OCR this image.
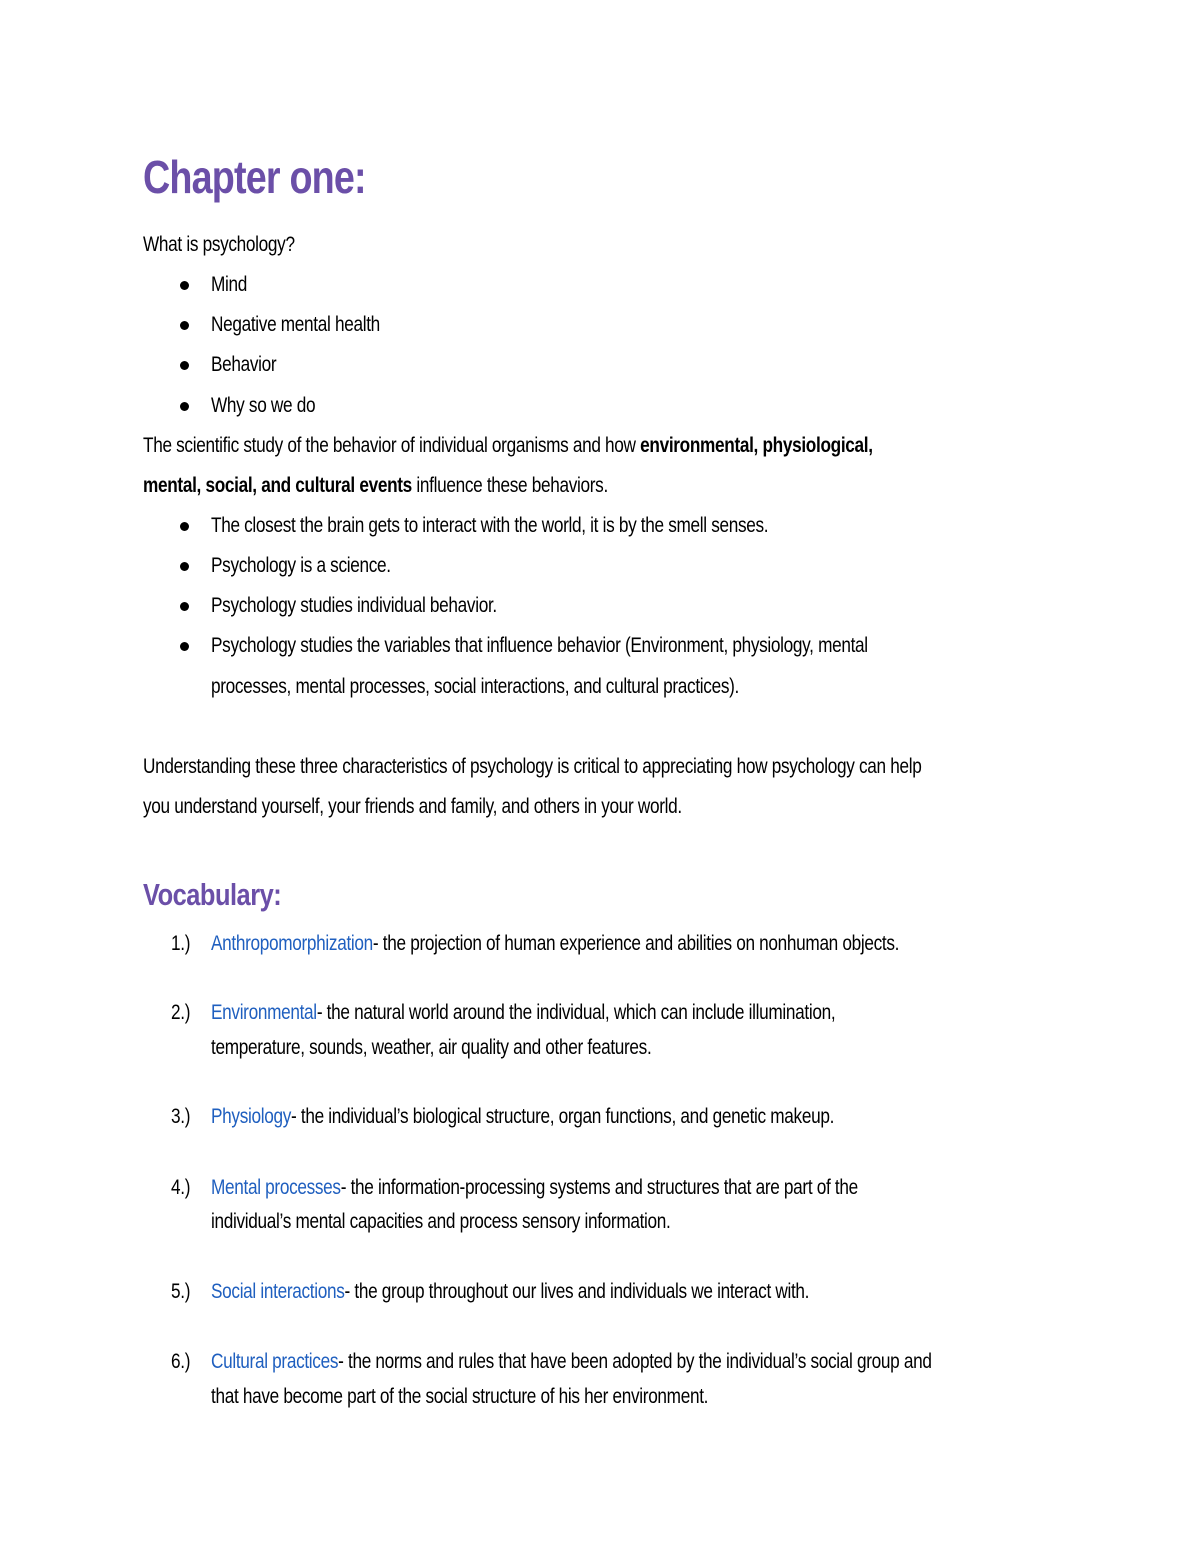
Chapter one:
What is psychology?
Mind
Negative mental health
Behavior
Why so we do
The scientific study of the behavior of individual organisms and how environmental, physiological,
mental, social, and cultural events influence these behaviors.
The closest the brain gets to interact with the world, it is by the smell senses.
Psychology is a science.
Psychology studies individual behavior.
Psychology studies the variables that influence behavior (Environment, physiology, mental
processes, mental processes, social interactions, and cultural practices).
Understanding these three characteristics of psychology is critical to appreciating how psychology can help
you understand yourself, your friends and family, and others in your world.
Vocabulary:
1.) Anthropomorphization- the projection of human experience and abilities on nonhuman objects.
2.) Environmental- the natural world around the individual, which can include illumination,
temperature, sounds, weather, air quality and other features.
3.) Physiology- the individual’s biological structure, organ functions, and genetic makeup.
4.) Mental processes- the information-processing systems and structures that are part of the
individual’s mental capacities and process sensory information.
5.) Social interactions- the group throughout our lives and individuals we interact with.
6.) Cultural practices- the norms and rules that have been adopted by the individual’s social group and
that have become part of the social structure of his her environment.
